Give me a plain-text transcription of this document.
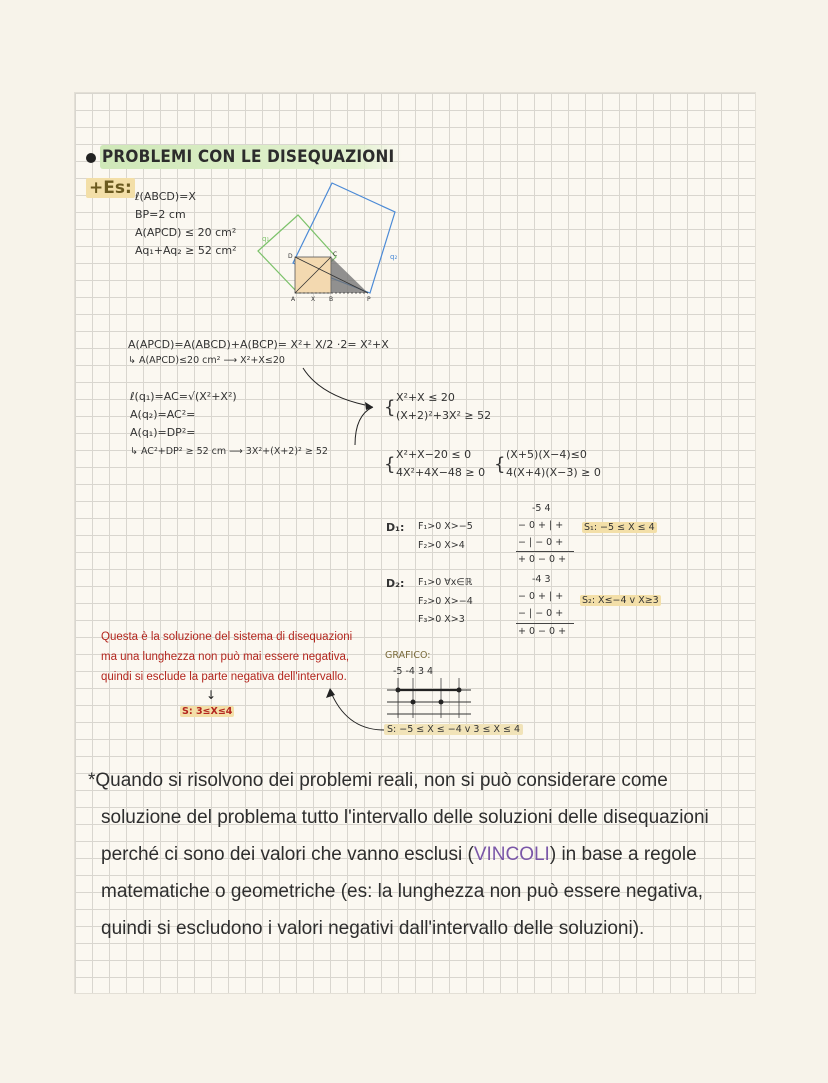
PROBLEMI CON LE DISEQUAZIONI
+Es: ℓ(ABCD)=X
BP=2 cm
A(APCD) ≤ 20 cm²
Aq₁+Aq₂ ≥ 52 cm²
q₁
q₂
D	C
A	X B	P
A(APCD)=A(ABCD)+A(BCP)= X²+ X/2 ·2= X²+X
↳ A(APCD)≤20 cm² ⟶ X²+X≤20
ℓ(q₁)=AC=√(X²+X²)
A(q₂)=AC²=
A(q₁)=DP²=
↳ AC²+DP² ≥ 52 cm ⟶ 3X²+(X+2)² ≥ 52
{ X²+X ≤ 20
(X+2)²+3X² ≥ 52
{ X²+X−20 ≤ 0
4X²+4X−48 ≥ 0 { (X+5)(X−4)≤0
4(X+4)(X−3) ≥ 0
D₁: F₁>0 X>−5
F₂>0 X>4
-5 4
− 0 + | +
− | − 0 +
+ 0 − 0 +
S₁: −5 ≤ X ≤ 4
D₂: F₁>0 ∀x∈ℝ
F₂>0 X>−4
F₃>0 X>3
-4 3
− 0 + | +
− | − 0 +
+ 0 − 0 +
S₂: X≤−4 v X≥3
Questa è la soluzione del sistema di disequazioni
ma una lunghezza non può mai essere negativa,
quindi si esclude la parte negativa dell'intervallo.
↓
S: 3≤X≤4
GRAFICO:
-5 -4 3 4
S: −5 ≤ X ≤ −4 v 3 ≤ X ≤ 4
*Quando si risolvono dei problemi reali, non si può considerare come
soluzione del problema tutto l'intervallo delle soluzioni delle disequazioni
perché ci sono dei valori che vanno esclusi (VINCOLI) in base a regole
matematiche o geometriche (es: la lunghezza non può essere negativa,
quindi si escludono i valori negativi dall'intervallo delle soluzioni).
